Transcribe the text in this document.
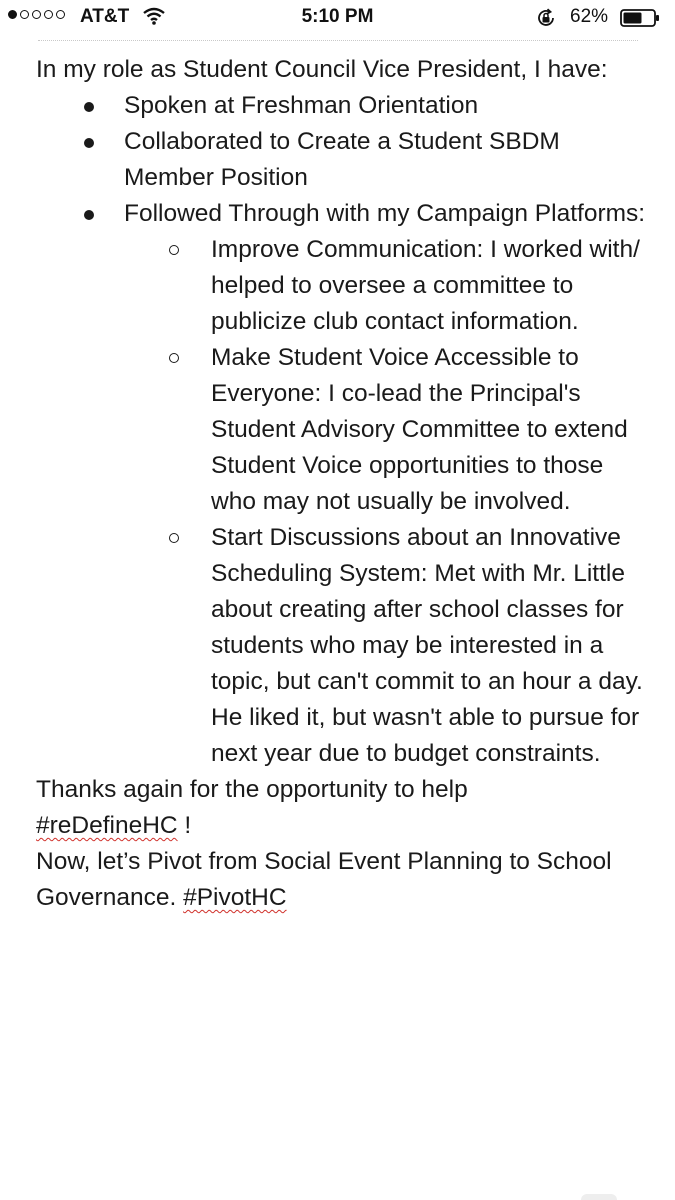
AT&T	5:10 PM	62%

In my role as Student Council Vice President, I have:

Spoken at Freshman Orientation
Collaborated to Create a Student SBDM Member Position
Followed Through with my Campaign Platforms:
Improve Communication: I worked with/ helped to oversee a committee to publicize club contact information.
Make Student Voice Accessible to Everyone: I co-lead the Principal's Student Advisory Committee to extend Student Voice opportunities to those who may not usually be involved.
Start Discussions about an Innovative Scheduling System: Met with Mr. Little about creating after school classes for students who may be interested in a topic, but can't commit to an hour a day. He liked it, but wasn't able to pursue for next year due to budget constraints.

Thanks again for the opportunity to help
#reDefineHC !

Now, let’s Pivot from Social Event Planning to School Governance. #PivotHC
